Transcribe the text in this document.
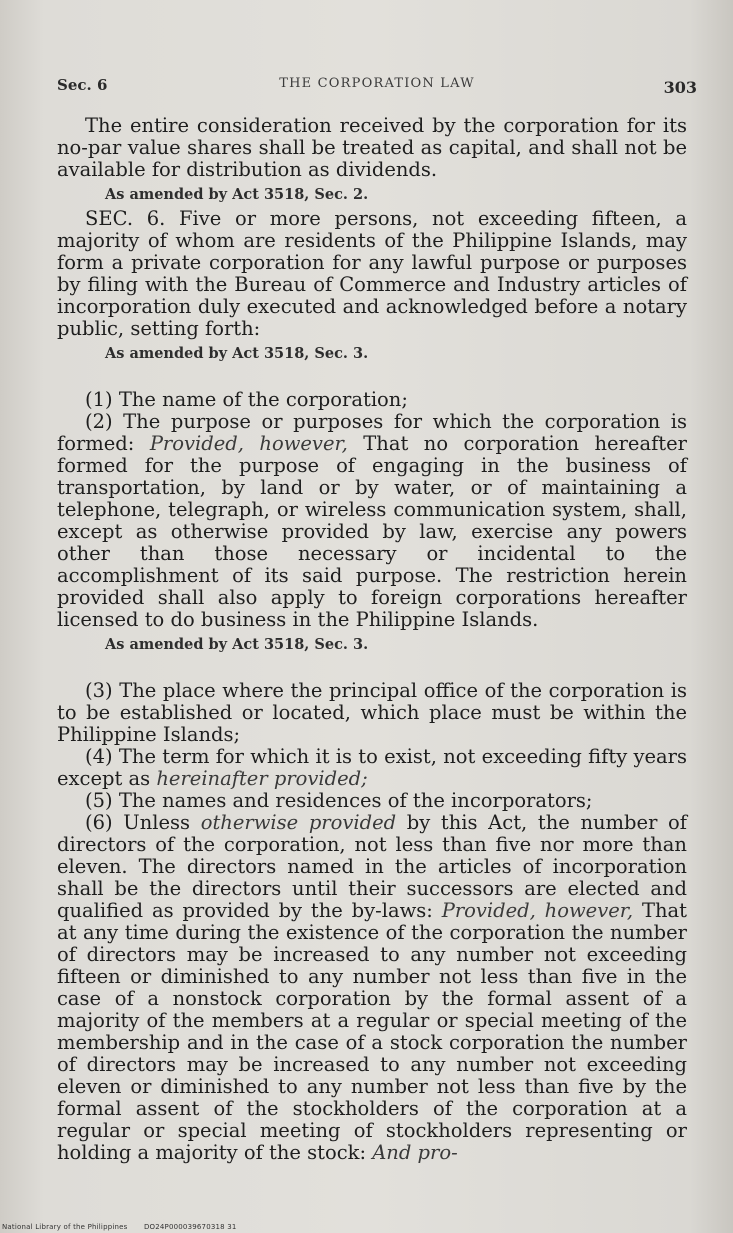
Sec. 6	THE CORPORATION LAW	303

The entire consideration received by the corporation for its no-par value shares shall be treated as capital, and shall not be available for distribution as dividends.

As amended by Act 3518, Sec. 2.

SEC. 6. Five or more persons, not exceeding fifteen, a majority of whom are residents of the Philippine Islands, may form a private corporation for any lawful purpose or purposes by filing with the Bureau of Commerce and Industry articles of incorporation duly executed and acknowledged before a notary public, setting forth:

As amended by Act 3518, Sec. 3.

(1) The name of the corporation;

(2) The purpose or purposes for which the corporation is formed: Provided, however, That no corporation hereafter formed for the purpose of engaging in the business of transportation, by land or by water, or of maintaining a telephone, telegraph, or wireless communication system, shall, except as otherwise provided by law, exercise any powers other than those necessary or incidental to the accomplishment of its said purpose. The restriction herein provided shall also apply to foreign corporations hereafter licensed to do business in the Philippine Islands.

As amended by Act 3518, Sec. 3.

(3) The place where the principal office of the corporation is to be established or located, which place must be within the Philippine Islands;

(4) The term for which it is to exist, not exceeding fifty years except as hereinafter provided;

(5) The names and residences of the incorporators;

(6) Unless otherwise provided by this Act, the number of directors of the corporation, not less than five nor more than eleven. The directors named in the articles of incorporation shall be the directors until their successors are elected and qualified as provided by the by-laws: Provided, however, That at any time during the existence of the corporation the number of directors may be increased to any number not exceeding fifteen or diminished to any number not less than five in the case of a nonstock corporation by the formal assent of a majority of the members at a regular or special meeting of the membership and in the case of a stock corporation the number of directors may be increased to any number not exceeding eleven or diminished to any number not less than five by the formal assent of the stockholders of the corporation at a regular or special meeting of stockholders representing or holding a majority of the stock: And pro-

National Library of the Philippines DO24P000039670318 31
